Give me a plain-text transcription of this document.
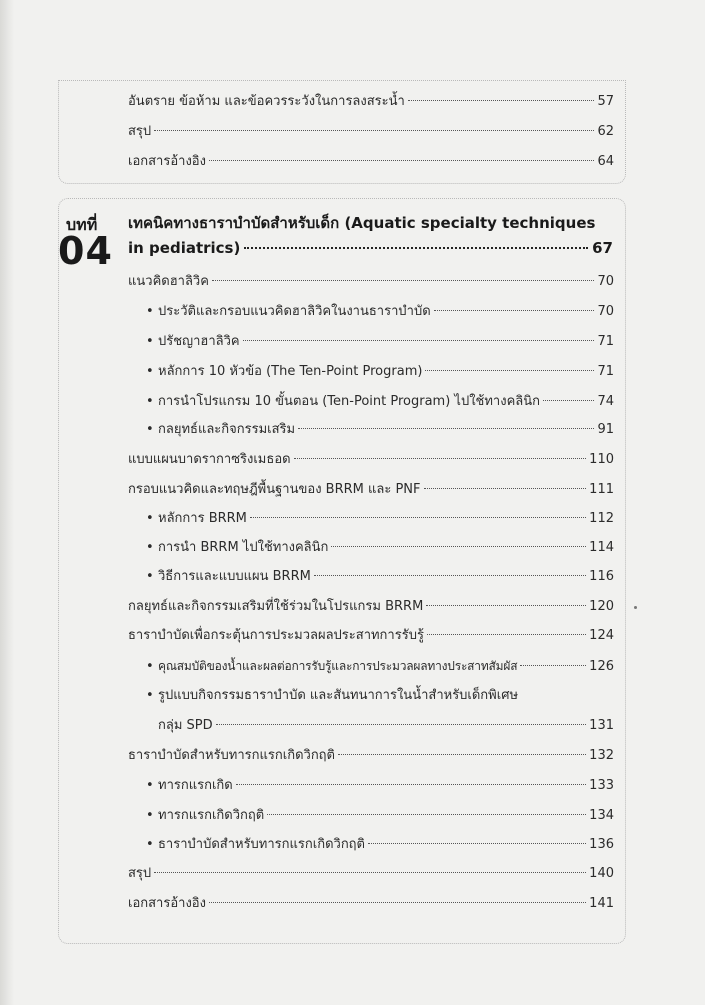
อันตราย ข้อห้าม และข้อควรระวังในการลงสระน้ำ	57
สรุป	62
เอกสารอ้างอิง	64
บทที่
04
เทคนิคทางธาราบำบัดสำหรับเด็ก (Aquatic specialty techniques
in pediatrics)	67
แนวคิดฮาลิวิค	70
• ประวัติและกรอบแนวคิดฮาลิวิคในงานธาราบำบัด	70
• ปรัชญาฮาลิวิค	71
• หลักการ 10 หัวข้อ (The Ten-Point Program)	71
• การนำโปรแกรม 10 ขั้นตอน (Ten-Point Program) ไปใช้ทางคลินิก	74
• กลยุทธ์และกิจกรรมเสริม	91
แบบแผนบาดรากาซริงเมธอด	110
กรอบแนวคิดและทฤษฎีพื้นฐานของ BRRM และ PNF	111
• หลักการ BRRM	112
• การนำ BRRM ไปใช้ทางคลินิก	114
• วิธีการและแบบแผน BRRM	116
กลยุทธ์และกิจกรรมเสริมที่ใช้ร่วมในโปรแกรม BRRM	120
ธาราบำบัดเพื่อกระตุ้นการประมวลผลประสาทการรับรู้	124
• คุณสมบัติของน้ำและผลต่อการรับรู้และการประมวลผลทางประสาทสัมผัส	126
• รูปแบบกิจกรรมธาราบำบัด และสันทนาการในน้ำสำหรับเด็กพิเศษ
กลุ่ม SPD	131
ธาราบำบัดสำหรับทารกแรกเกิดวิกฤติ	132
• ทารกแรกเกิด	133
• ทารกแรกเกิดวิกฤติ	134
• ธาราบำบัดสำหรับทารกแรกเกิดวิกฤติ	136
สรุป	140
เอกสารอ้างอิง	141
